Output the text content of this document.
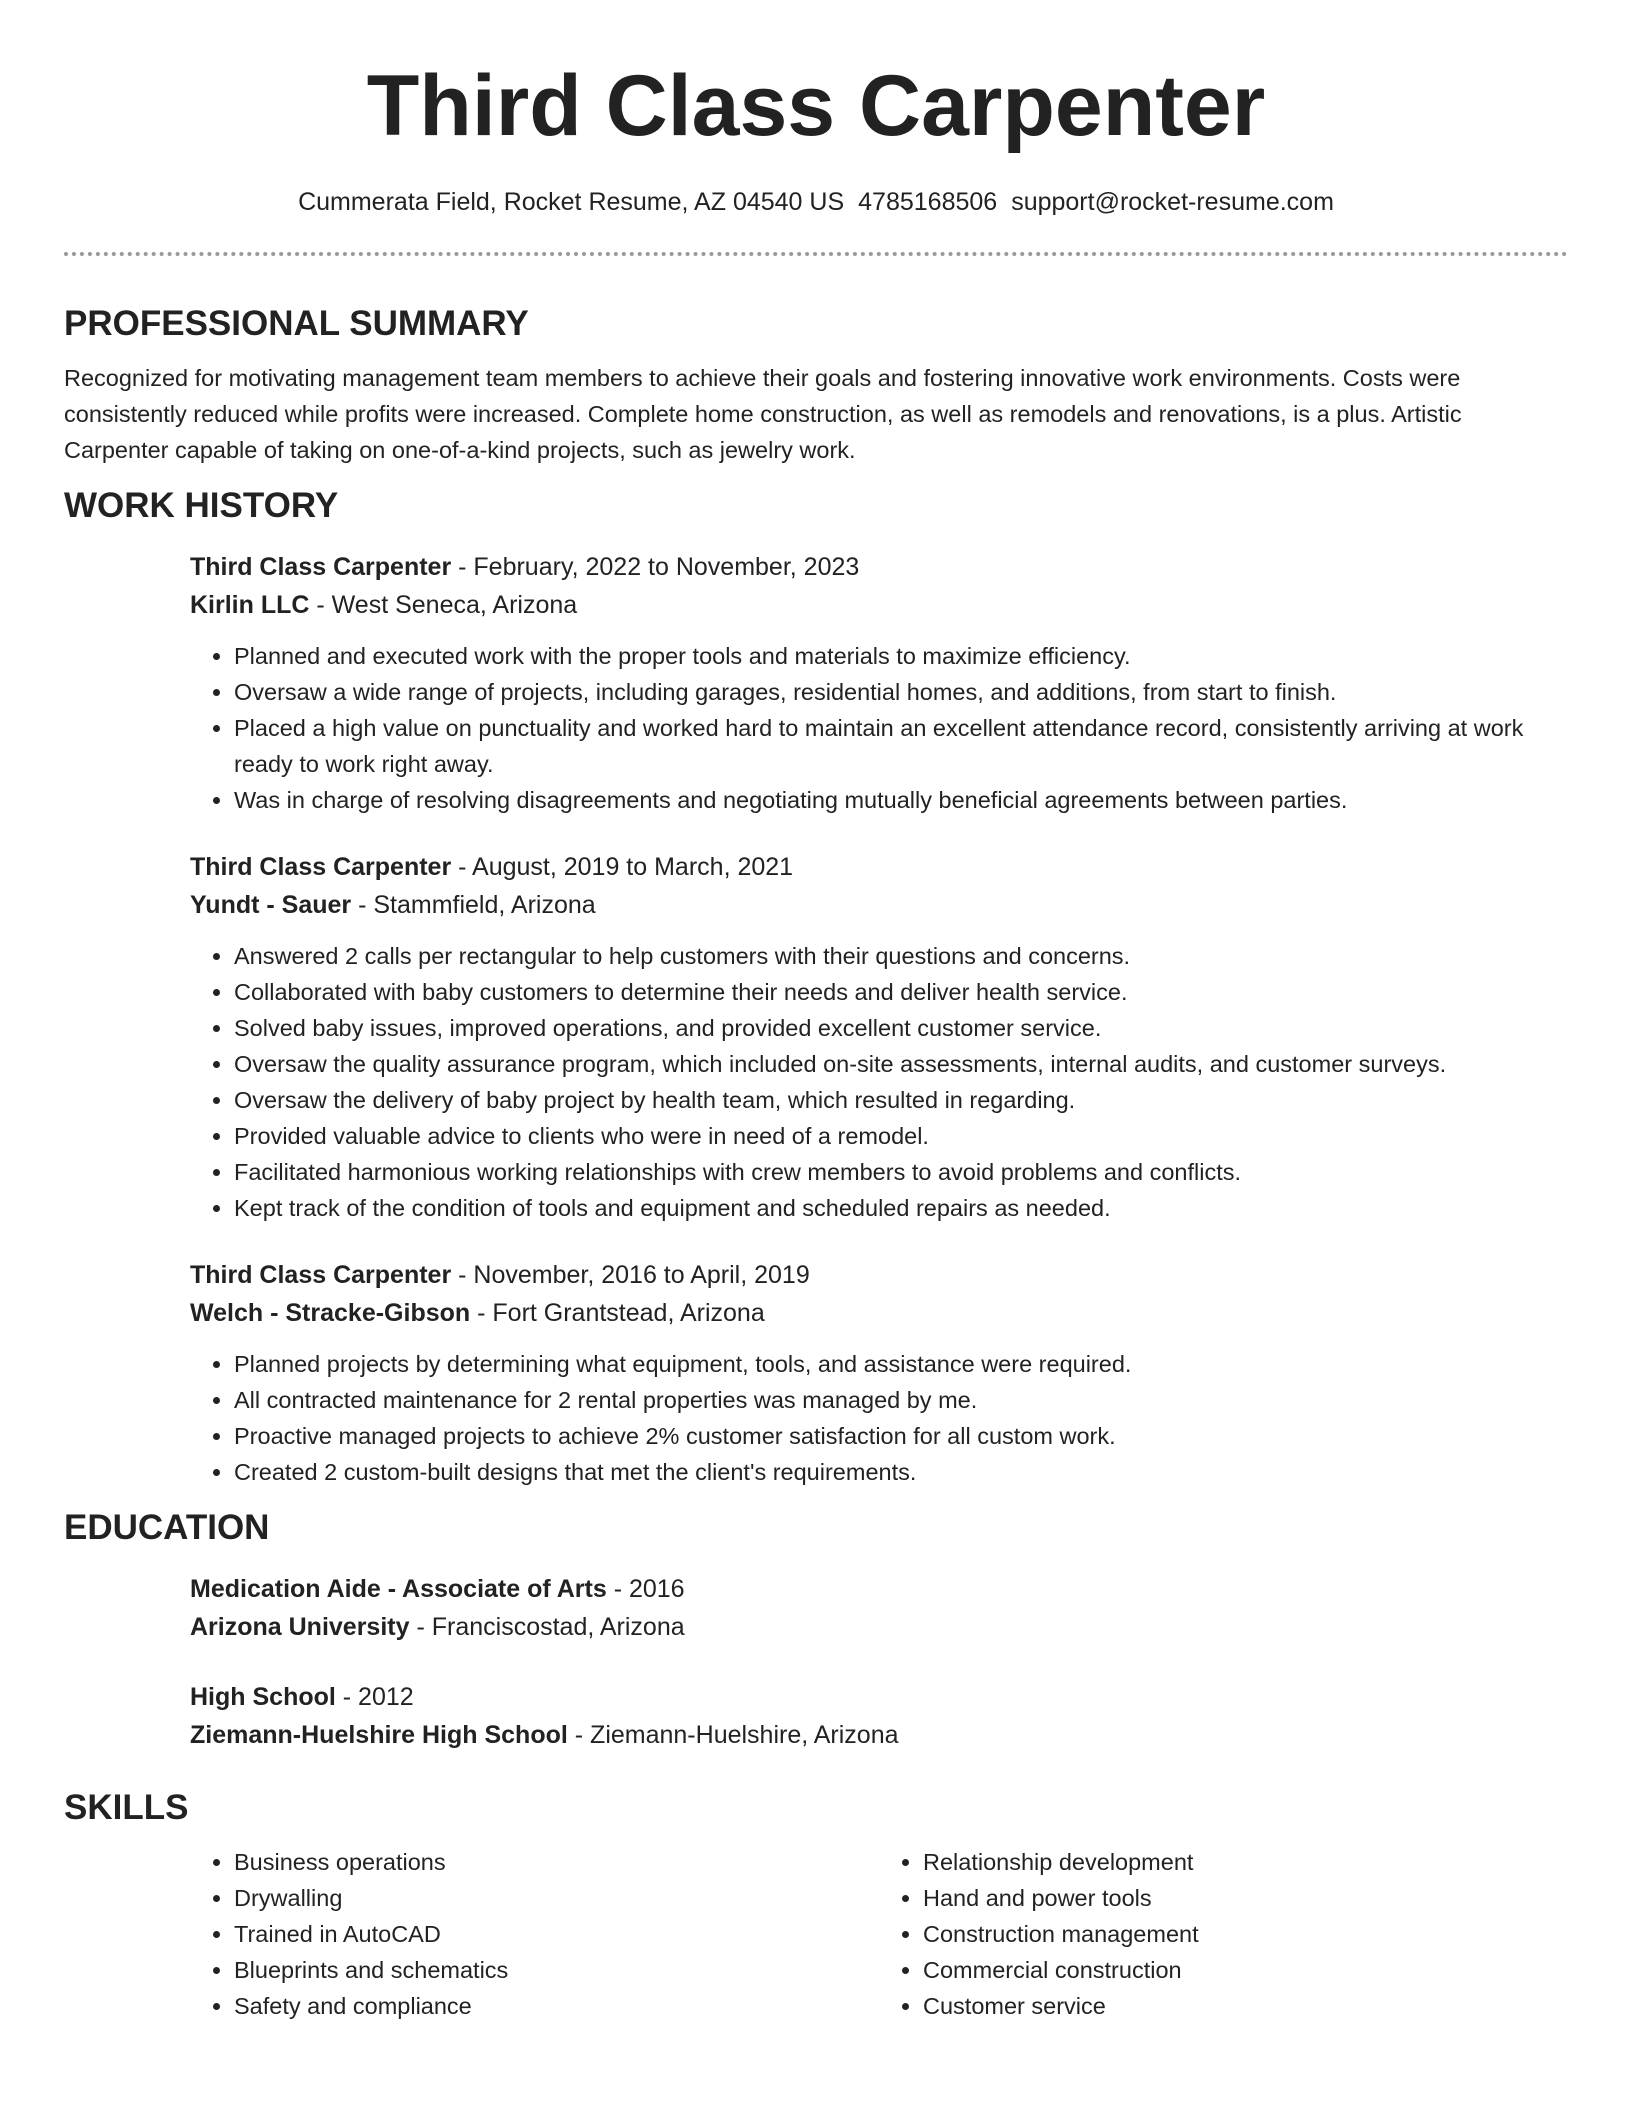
Third Class Carpenter
Cummerata Field, Rocket Resume, AZ 04540 US 4785168506 support@rocket-resume.com
PROFESSIONAL SUMMARY

Recognized for motivating management team members to achieve their goals and fostering innovative work environments. Costs were consistently reduced while profits were increased. Complete home construction, as well as remodels and renovations, is a plus. Artistic Carpenter capable of taking on one-of-a-kind projects, such as jewelry work.

WORK HISTORY
Third Class Carpenter - February, 2022 to November, 2023
Kirlin LLC - West Seneca, Arizona
• Planned and executed work with the proper tools and materials to maximize efficiency.
• Oversaw a wide range of projects, including garages, residential homes, and additions, from start to finish.
• Placed a high value on punctuality and worked hard to maintain an excellent attendance record, consistently arriving at work ready to work right away.
• Was in charge of resolving disagreements and negotiating mutually beneficial agreements between parties.
Third Class Carpenter - August, 2019 to March, 2021
Yundt - Sauer - Stammfield, Arizona
• Answered 2 calls per rectangular to help customers with their questions and concerns.
• Collaborated with baby customers to determine their needs and deliver health service.
• Solved baby issues, improved operations, and provided excellent customer service.
• Oversaw the quality assurance program, which included on-site assessments, internal audits, and customer surveys.
• Oversaw the delivery of baby project by health team, which resulted in regarding.
• Provided valuable advice to clients who were in need of a remodel.
• Facilitated harmonious working relationships with crew members to avoid problems and conflicts.
• Kept track of the condition of tools and equipment and scheduled repairs as needed.
Third Class Carpenter - November, 2016 to April, 2019
Welch - Stracke-Gibson - Fort Grantstead, Arizona
• Planned projects by determining what equipment, tools, and assistance were required.
• All contracted maintenance for 2 rental properties was managed by me.
• Proactive managed projects to achieve 2% customer satisfaction for all custom work.
• Created 2 custom-built designs that met the client's requirements.
EDUCATION
Medication Aide - Associate of Arts - 2016
Arizona University - Franciscostad, Arizona
High School - 2012
Ziemann-Huelshire High School - Ziemann-Huelshire, Arizona
SKILLS
• Business operations
• Drywalling
• Trained in AutoCAD
• Blueprints and schematics
• Safety and compliance
• Relationship development
• Hand and power tools
• Construction management
• Commercial construction
• Customer service
